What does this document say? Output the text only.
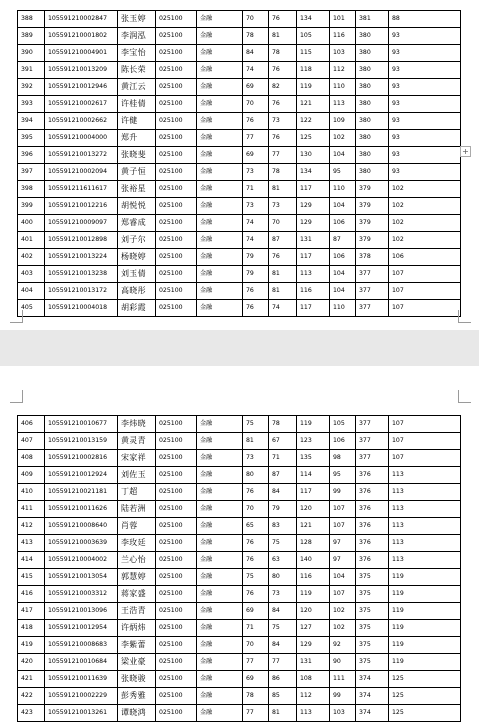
388	105591210002847	张玉婷	025100	金融	70	76	134	101	381	88
389	105591210001802	李润泓	025100	金融	78	81	105	116	380	93
390	105591210004901	李宝怡	025100	金融	84	78	115	103	380	93
391	105591210013209	陈长荣	025100	金融	74	76	118	112	380	93
392	105591210012946	黄江云	025100	金融	69	82	119	110	380	93
393	105591210002617	许桂倩	025100	金融	70	76	121	113	380	93
394	105591210002662	许健	025100	金融	76	73	122	109	380	93
395	105591210004000	郑升	025100	金融	77	76	125	102	380	93
396	105591210013272	张晓斐	025100	金融	69	77	130	104	380	93
397	105591210002094	黄子恒	025100	金融	73	78	134	95	380	93
398	105591211611617	张裕星	025100	金融	71	81	117	110	379	102
399	105591210012216	胡悦悦	025100	金融	73	73	129	104	379	102
400	105591210009097	郑睿成	025100	金融	74	70	129	106	379	102
401	105591210012898	刘子尔	025100	金融	74	87	131	87	379	102
402	105591210013224	杨晓婷	025100	金融	79	76	117	106	378	106
403	105591210013238	刘玉倩	025100	金融	79	81	113	104	377	107
404	105591210013172	高晓彤	025100	金融	76	81	116	104	377	107
405	105591210004018	胡彩霞	025100	金融	76	74	117	110	377	107
+
406	105591210010677	李炜晓	025100	金融	75	78	119	105	377	107
407	105591210013159	黄灵青	025100	金融	81	67	123	106	377	107
408	105591210002816	宋家祥	025100	金融	73	71	135	98	377	107
409	105591210012924	刘佐玉	025100	金融	80	87	114	95	376	113
410	105591210021181	丁超	025100	金融	76	84	117	99	376	113
411	105591210011626	陆若洲	025100	金融	70	79	120	107	376	113
412	105591210008640	肖蓉	025100	金融	65	83	121	107	376	113
413	105591210003639	李玫廷	025100	金融	76	75	128	97	376	113
414	105591210004002	兰心怡	025100	金融	76	63	140	97	376	113
415	105591210013054	郭慧婷	025100	金融	75	80	116	104	375	119
416	105591210003312	蒋家盛	025100	金融	76	73	119	107	375	119
417	105591210013096	王浩青	025100	金融	69	84	120	102	375	119
418	105591210012954	许炳炜	025100	金融	71	75	127	102	375	119
419	105591210008683	李紫蕾	025100	金融	70	84	129	92	375	119
420	105591210010684	梁业豪	025100	金融	77	77	131	90	375	119
421	105591210011639	张晓骏	025100	金融	69	86	108	111	374	125
422	105591210002229	彭秀雅	025100	金融	78	85	112	99	374	125
423	105591210013261	谭晓鸿	025100	金融	77	81	113	103	374	125
